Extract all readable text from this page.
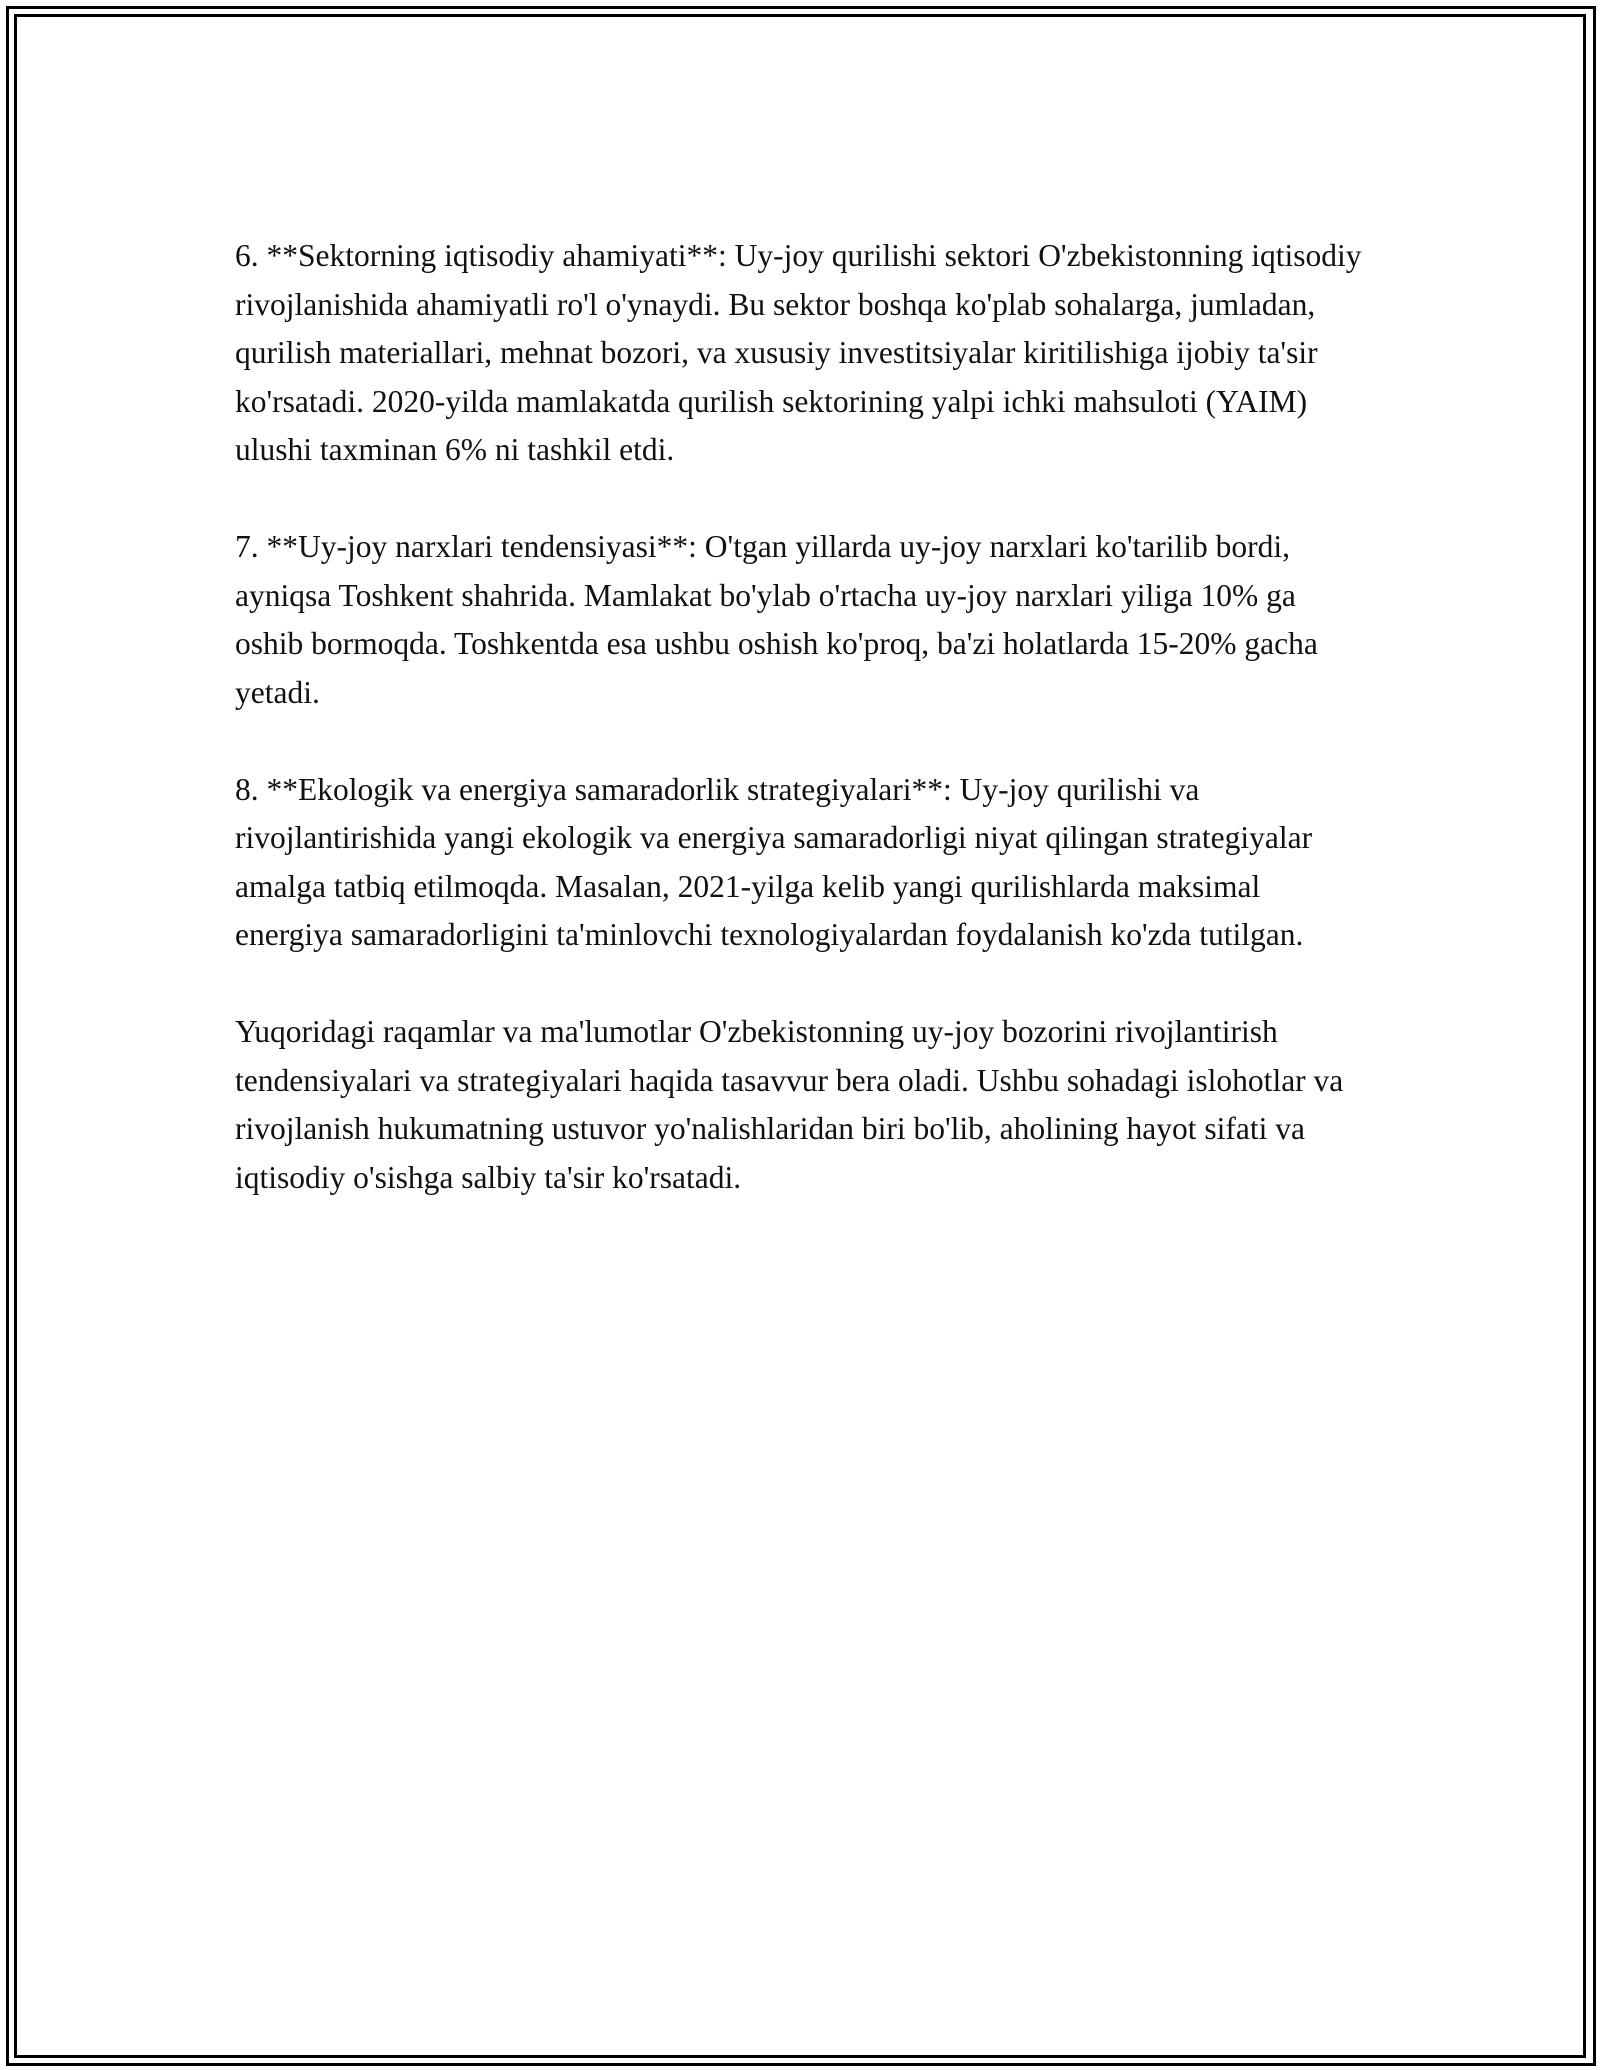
6. **Sektorning iqtisodiy ahamiyati**: Uy-joy qurilishi sektori O'zbekistonning iqtisodiy rivojlanishida ahamiyatli ro'l o'ynaydi. Bu sektor boshqa ko'plab sohalarga, jumladan, qurilish materiallari, mehnat bozori, va xususiy investitsiyalar kiritilishiga ijobiy ta'sir ko'rsatadi. 2020-yilda mamlakatda qurilish sektorining yalpi ichki mahsuloti (YAIM) ulushi taxminan 6% ni tashkil etdi.

7. **Uy-joy narxlari tendensiyasi**: O'tgan yillarda uy-joy narxlari ko'tarilib bordi, ayniqsa Toshkent shahrida. Mamlakat bo'ylab o'rtacha uy-joy narxlari yiliga 10% ga oshib bormoqda. Toshkentda esa ushbu oshish ko'proq, ba'zi holatlarda 15-20% gacha yetadi.

8. **Ekologik va energiya samaradorlik strategiyalari**: Uy-joy qurilishi va rivojlantirishida yangi ekologik va energiya samaradorligi niyat qilingan strategiyalar amalga tatbiq etilmoqda. Masalan, 2021-yilga kelib yangi qurilishlarda maksimal energiya samaradorligini ta'minlovchi texnologiyalardan foydalanish ko'zda tutilgan.

Yuqoridagi raqamlar va ma'lumotlar O'zbekistonning uy-joy bozorini rivojlantirish tendensiyalari va strategiyalari haqida tasavvur bera oladi. Ushbu sohadagi islohotlar va rivojlanish hukumatning ustuvor yo'nalishlaridan biri bo'lib, aholining hayot sifati va iqtisodiy o'sishga salbiy ta'sir ko'rsatadi.
